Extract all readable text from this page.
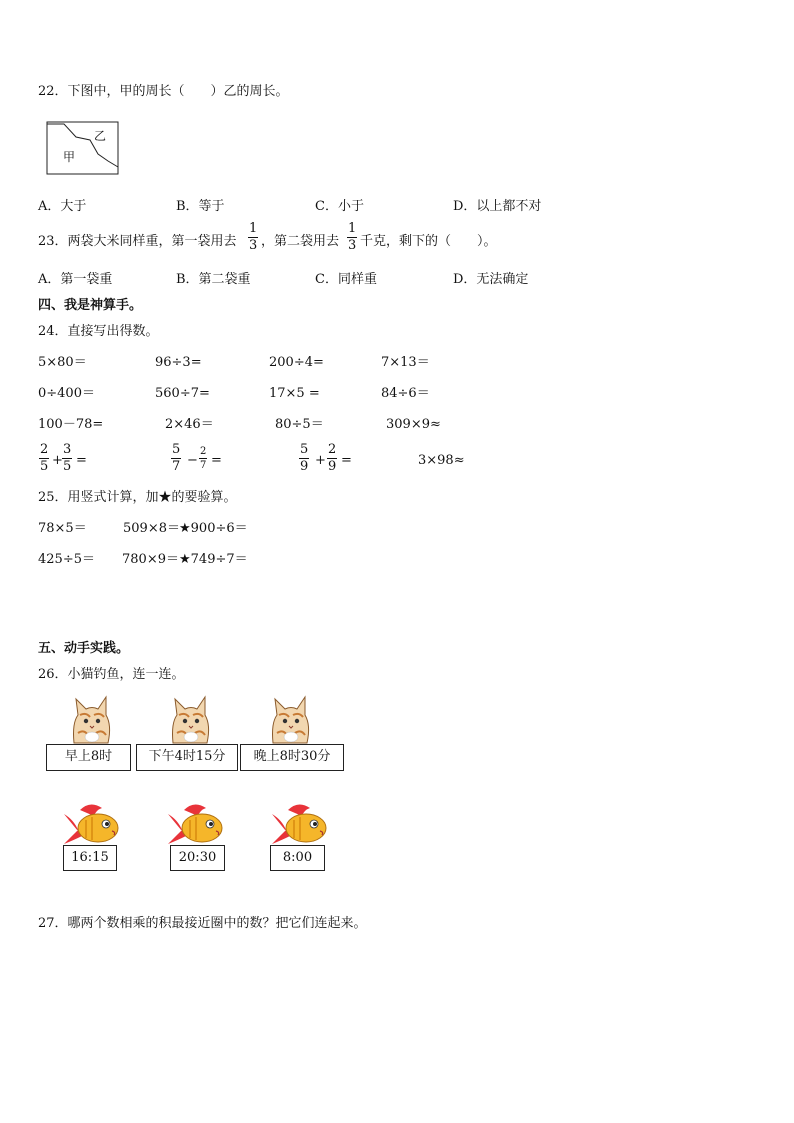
22．下图中，甲的周长（　　）乙的周长。
乙
甲
A．大于	B．等于	C．小于	D．以上都不对
23．两袋大米同样重，第一袋用去
1
3 ，第二袋用去
1
3 千克，剩下的（　　）。
A．第一袋重	B．第二袋重	C．同样重	D．无法确定
四、我是神算手。
24．直接写出得数。
5×80＝	96÷3=	200÷4=	7×13＝
0÷400＝	560÷7=	17×5 =	84÷6＝
100－78=	2×46＝	80÷5＝	309×9≈
2
5 +
3
5 =
5
7 −
2
7 =
5
9 +
2
9 =	3×98≈
25．用竖式计算，加★的要验算。
78×5＝	509×8＝ ★900÷6＝
425÷5＝ 780×9＝ ★749÷7＝
五、动手实践。
26．小猫钓鱼，连一连。
早上8时	下午4时15分	晚上8时30分
16:15	20:30	8:00
27．哪两个数相乘的积最接近圈中的数？把它们连起来。
